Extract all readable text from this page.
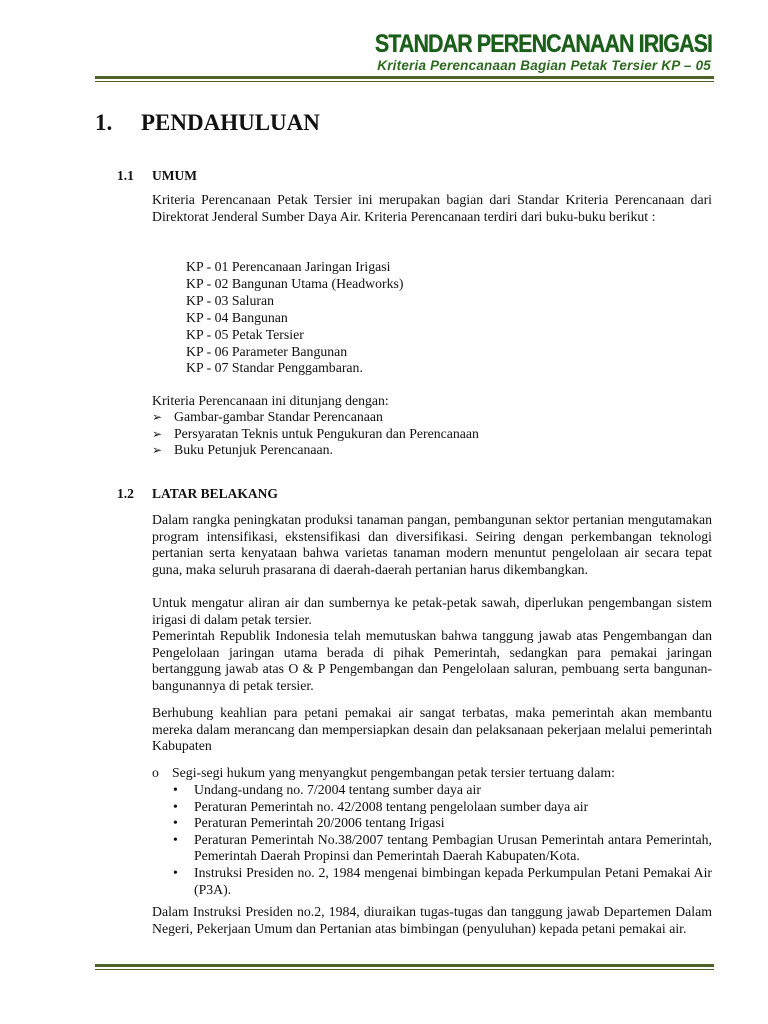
STANDAR PERENCANAAN IRIGASI
Kriteria Perencanaan Bagian Petak Tersier KP – 05
1. PENDAHULUAN
1.1 UMUM
Kriteria Perencanaan Petak Tersier ini merupakan bagian dari Standar Kriteria Perencanaan dari Direktorat Jenderal Sumber Daya Air. Kriteria Perencanaan terdiri dari buku-buku berikut :
KP - 01 Perencanaan Jaringan Irigasi
KP - 02 Bangunan Utama (Headworks)
KP - 03 Saluran
KP - 04 Bangunan
KP - 05 Petak Tersier
KP - 06 Parameter Bangunan
KP - 07 Standar Penggambaran.
Kriteria Perencanaan ini ditunjang dengan:
➢ Gambar-gambar Standar Perencanaan
➢ Persyaratan Teknis untuk Pengukuran dan Perencanaan
➢ Buku Petunjuk Perencanaan.
1.2 LATAR BELAKANG
Dalam rangka peningkatan produksi tanaman pangan, pembangunan sektor pertanian mengutamakan program intensifikasi, ekstensifikasi dan diversifikasi. Seiring dengan perkembangan teknologi pertanian serta kenyataan bahwa varietas tanaman modern menuntut pengelolaan air secara tepat guna, maka seluruh prasarana di daerah-daerah pertanian harus dikembangkan.
Untuk mengatur aliran air dan sumbernya ke petak-petak sawah, diperlukan pengembangan sistem irigasi di dalam petak tersier.
Pemerintah Republik Indonesia telah memutuskan bahwa tanggung jawab atas Pengembangan dan Pengelolaan jaringan utama berada di pihak Pemerintah, sedangkan para pemakai jaringan bertanggung jawab atas O & P Pengembangan dan Pengelolaan saluran, pembuang serta bangunan-bangunannya di petak tersier.
Berhubung keahlian para petani pemakai air sangat terbatas, maka pemerintah akan membantu mereka dalam merancang dan mempersiapkan desain dan pelaksanaan pekerjaan melalui pemerintah Kabupaten
o Segi-segi hukum yang menyangkut pengembangan petak tersier tertuang dalam:
• Undang-undang no. 7/2004 tentang sumber daya air
• Peraturan Pemerintah no. 42/2008 tentang pengelolaan sumber daya air
• Peraturan Pemerintah 20/2006 tentang Irigasi
• Peraturan Pemerintah No.38/2007 tentang Pembagian Urusan Pemerintah antara Pemerintah, Pemerintah Daerah Propinsi dan Pemerintah Daerah Kabupaten/Kota.
• Instruksi Presiden no. 2, 1984 mengenai bimbingan kepada Perkumpulan Petani Pemakai Air (P3A).
Dalam Instruksi Presiden no.2, 1984, diuraikan tugas-tugas dan tanggung jawab Departemen Dalam Negeri, Pekerjaan Umum dan Pertanian atas bimbingan (penyuluhan) kepada petani pemakai air.
